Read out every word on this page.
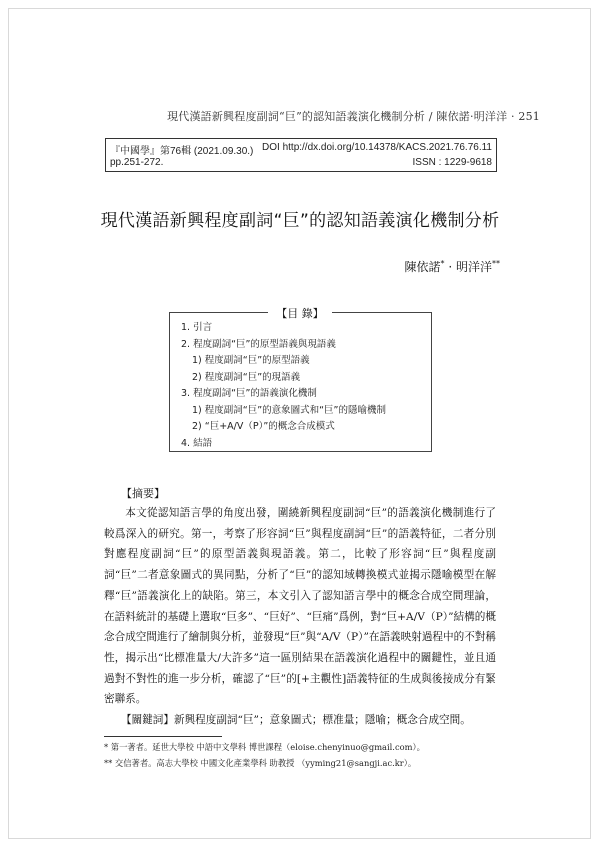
現代漢語新興程度副詞“巨”的認知語義演化機制分析 / 陳依諾·明洋洋 · 251
『中國學』第76輯 (2021.09.30.) DOI http://dx.doi.org/10.14378/KACS.2021.76.76.11
pp.251-272.	ISSN : 1229-9618
現代漢語新興程度副詞“巨”的認知語義演化機制分析
陳依諾* · 明洋洋**
【目 錄】
1. 引言
2. 程度副詞“巨”的原型語義與現語義
1) 程度副詞“巨”的原型語義
2) 程度副詞“巨”的現語義
3. 程度副詞“巨”的語義演化機制
1) 程度副詞“巨”的意象圖式和“巨”的隱喻機制
2) “巨+A/V（P）”的概念合成模式
4. 結語
【摘要】

本文從認知語言學的角度出發，圍繞新興程度副詞“巨”的語義演化機制進行了較爲深入的研究。第一，考察了形容詞“巨”與程度副詞“巨”的語義特征，二者分別對應程度副詞“巨”的原型語義與現語義。第二，比較了形容詞“巨”與程度副詞“巨”二者意象圖式的異同點，分析了“巨”的認知域轉換模式並揭示隱喻模型在解釋“巨”語義演化上的缺陷。第三，本文引入了認知語言學中的概念合成空間理論，在語料統計的基礎上選取“巨多”、“巨好”、“巨痛”爲例，對“巨+A/V（P）”結構的概念合成空間進行了繪制與分析，並發現“巨”與“A/V（P）”在語義映射過程中的不對稱性，揭示出“比標准量大/大許多”這一區別結果在語義演化過程中的關鍵性，並且通過對不對性的進一步分析，確認了“巨”的[+主觀性]語義特征的生成與後接成分有緊密聯系。

【關鍵詞】新興程度副詞“巨”；意象圖式；標准量；隱喻；概念合成空間。
* 第一著者。延世大學校 中語中文學科 博世課程（eloise.chenyinuo@gmail.com）。
** 交信著者。高志大學校 中國文化產業學科 助教授 （yyming21@sangji.ac.kr）。
